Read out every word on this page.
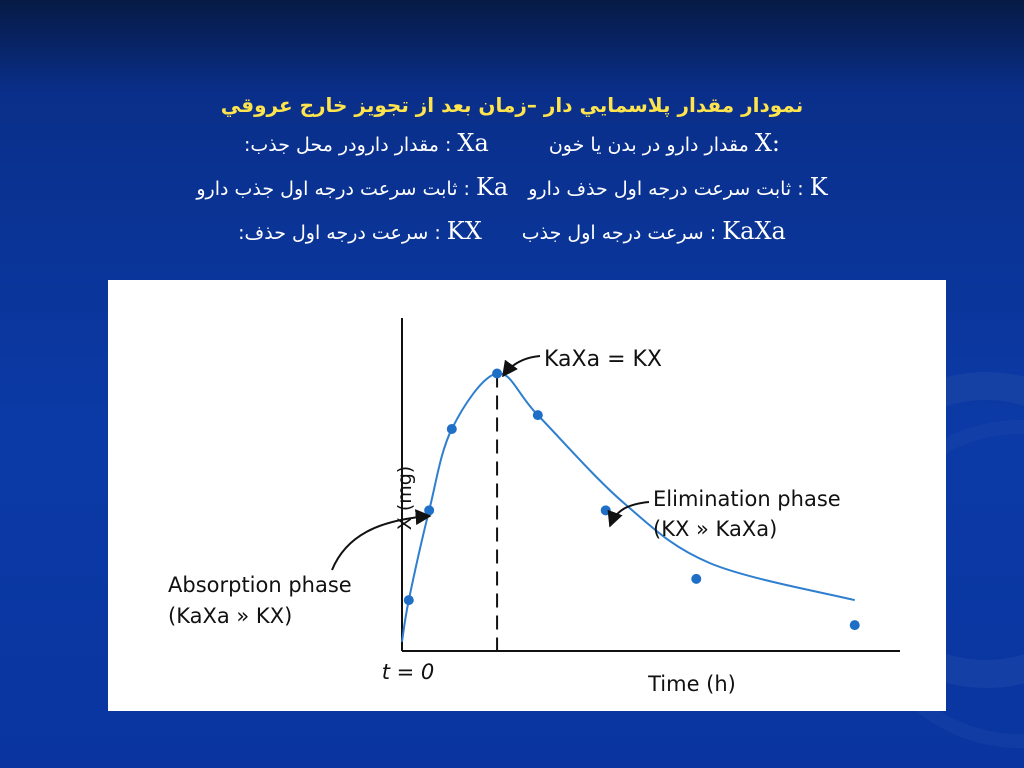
نمودار مقدار پلاسمايي دار –زمان بعد از تجويز خارج عروقي
X: مقدار دارو در بدن يا خونXa : مقدار دارودر محل جذب:
K : ثابت سرعت درجه اول حذف داروKa : ثابت سرعت درجه اول جذب دارو
KaXa : سرعت درجه اول جذبKX : سرعت درجه اول حذف:
X (mg)
Time (h)
t = 0
KaXa = KX
Absorption phase
(KaXa » KX)
Elimination phase
(KX » KaXa)
